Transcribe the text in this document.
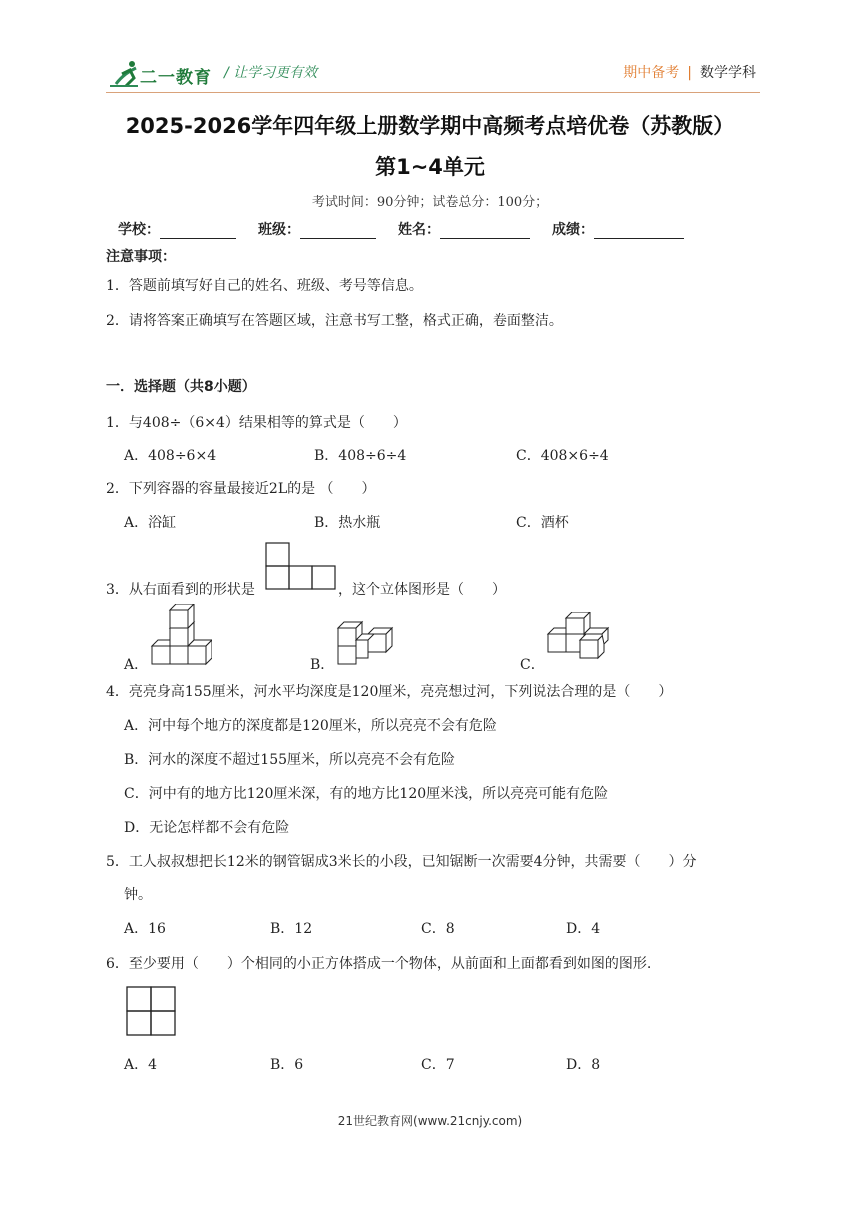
二一教育 / 让学习更有效	期中备考 | 数学学科
2025-2026学年四年级上册数学期中高频考点培优卷（苏教版）
第1~4单元
考试时间：90分钟；试卷总分：100分；
学校：	班级：	姓名：	成绩：
注意事项：
1．答题前填写好自己的姓名、班级、考号等信息。
2．请将答案正确填写在答题区域，注意书写工整，格式正确，卷面整洁。
一．选择题（共8小题）
1．与408÷（6×4）结果相等的算式是（　　）
A．408÷6×4	B．408÷6÷4	C．408×6÷4
2．下列容器的容量最接近2L的是 （　　）
A．浴缸	B．热水瓶	C．酒杯
3．从右面看到的形状是	，这个立体图形是（　　）
A．	B．	C．
4．亮亮身高155厘米，河水平均深度是120厘米，亮亮想过河，下列说法合理的是（　　）
A．河中每个地方的深度都是120厘米，所以亮亮不会有危险
B．河水的深度不超过155厘米，所以亮亮不会有危险
C．河中有的地方比120厘米深，有的地方比120厘米浅，所以亮亮可能有危险
D．无论怎样都不会有危险
5．工人叔叔想把长12米的钢管锯成3米长的小段，已知锯断一次需要4分钟，共需要（　　）分
钟。
A．16	B．12	C．8	D．4
6．至少要用（　　）个相同的小正方体搭成一个物体，从前面和上面都看到如图的图形.
A．4	B．6	C．7	D．8
21世纪教育网(www.21cnjy.com)
